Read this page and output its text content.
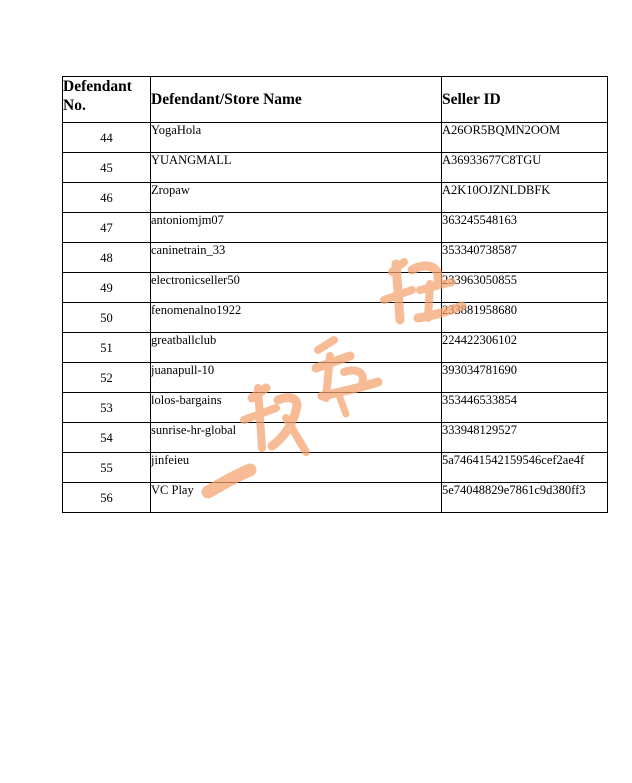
Defendant No.	Defendant/Store Name	Seller ID
44	YogaHola	A26OR5BQMN2OOM
45	YUANGMALL	A36933677C8TGU
46	Zropaw	A2K10OJZNLDBFK
47	antoniomjm07	363245548163
48	caninetrain_33	353340738587
49	electronicseller50	233963050855
50	fenomenalno1922	233881958680
51	greatballclub	224422306102
52	juanapull-10	393034781690
53	lolos-bargains	353446533854
54	sunrise-hr-global	333948129527
55	jinfeieu	5a74641542159546cef2ae4f
56	VC Play	5e74048829e7861c9d380ff3
